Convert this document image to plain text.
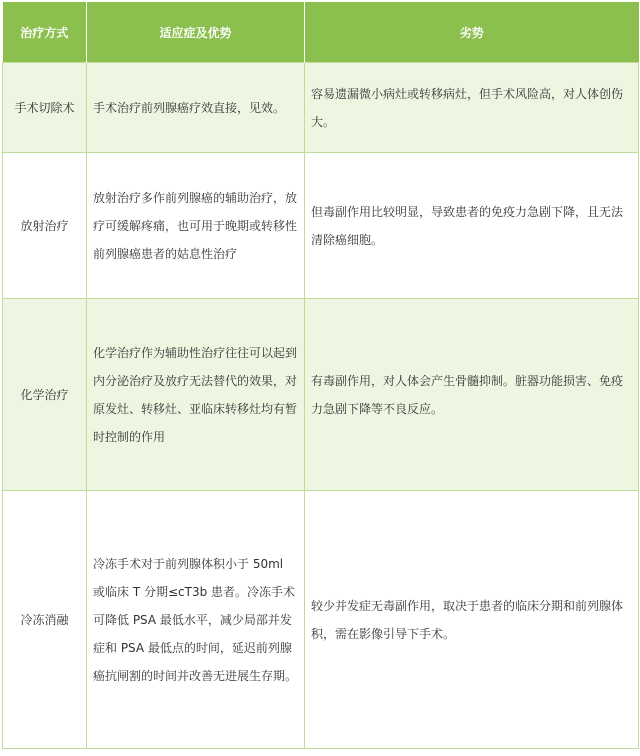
治疗方式	适应症及优势	劣势
手术切除术	手术治疗前列腺癌疗效直接，见效。	容易遗漏微小病灶或转移病灶，但手术风险高，对人体创伤大。
放射治疗	放射治疗多作前列腺癌的辅助治疗，放疗可缓解疼痛，也可用于晚期或转移性前列腺癌患者的姑息性治疗	但毒副作用比较明显，导致患者的免疫力急剧下降，且无法清除癌细胞。
化学治疗	化学治疗作为辅助性治疗往往可以起到内分泌治疗及放疗无法替代的效果，对原发灶、转移灶、亚临床转移灶均有暂时控制的作用	有毒副作用，对人体会产生骨髓抑制。脏器功能损害、免疫力急剧下降等不良反应。
冷冻消融	冷冻手术对于前列腺体积小于 50ml 或临床 T 分期≤cT3b 患者。冷冻手术可降低 PSA 最低水平，减少局部并发症和 PSA 最低点的时间，延迟前列腺癌抗闸割的时间并改善无进展生存期。	较少并发症无毒副作用，取决于患者的临床分期和前列腺体积，需在影像引导下手术。
